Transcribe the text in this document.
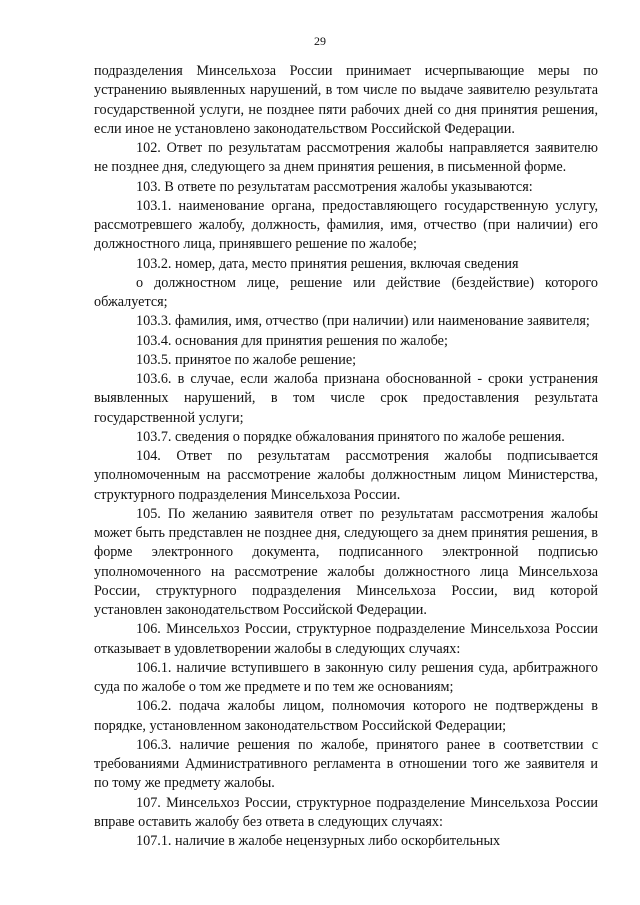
29

подразделения Минсельхоза России принимает исчерпывающие меры по устранению выявленных нарушений, в том числе по выдаче заявителю результата государственной услуги, не позднее пяти рабочих дней со дня принятия решения, если иное не установлено законодательством Российской Федерации.

102. Ответ по результатам рассмотрения жалобы направляется заявителю не позднее дня, следующего за днем принятия решения, в письменной форме.

103. В ответе по результатам рассмотрения жалобы указываются:

103.1. наименование органа, предоставляющего государственную услугу, рассмотревшего жалобу, должность, фамилия, имя, отчество (при наличии) его должностного лица, принявшего решение по жалобе;

103.2. номер, дата, место принятия решения, включая сведения

о должностном лице, решение или действие (бездействие) которого обжалуется;

103.3. фамилия, имя, отчество (при наличии) или наименование заявителя;

103.4. основания для принятия решения по жалобе;

103.5. принятое по жалобе решение;

103.6. в случае, если жалоба признана обоснованной - сроки устранения выявленных нарушений, в том числе срок предоставления результата государственной услуги;

103.7. сведения о порядке обжалования принятого по жалобе решения.

104. Ответ по результатам рассмотрения жалобы подписывается уполномоченным на рассмотрение жалобы должностным лицом Министерства, структурного подразделения Минсельхоза России.

105. По желанию заявителя ответ по результатам рассмотрения жалобы может быть представлен не позднее дня, следующего за днем принятия решения, в форме электронного документа, подписанного электронной подписью уполномоченного на рассмотрение жалобы должностного лица Минсельхоза России, структурного подразделения Минсельхоза России, вид которой установлен законодательством Российской Федерации.

106. Минсельхоз России, структурное подразделение Минсельхоза России отказывает в удовлетворении жалобы в следующих случаях:

106.1. наличие вступившего в законную силу решения суда, арбитражного суда по жалобе о том же предмете и по тем же основаниям;

106.2. подача жалобы лицом, полномочия которого не подтверждены в порядке, установленном законодательством Российской Федерации;

106.3. наличие решения по жалобе, принятого ранее в соответствии с требованиями Административного регламента в отношении того же заявителя и по тому же предмету жалобы.

107. Минсельхоз России, структурное подразделение Минсельхоза России вправе оставить жалобу без ответа в следующих случаях:

107.1. наличие в жалобе нецензурных либо оскорбительных
